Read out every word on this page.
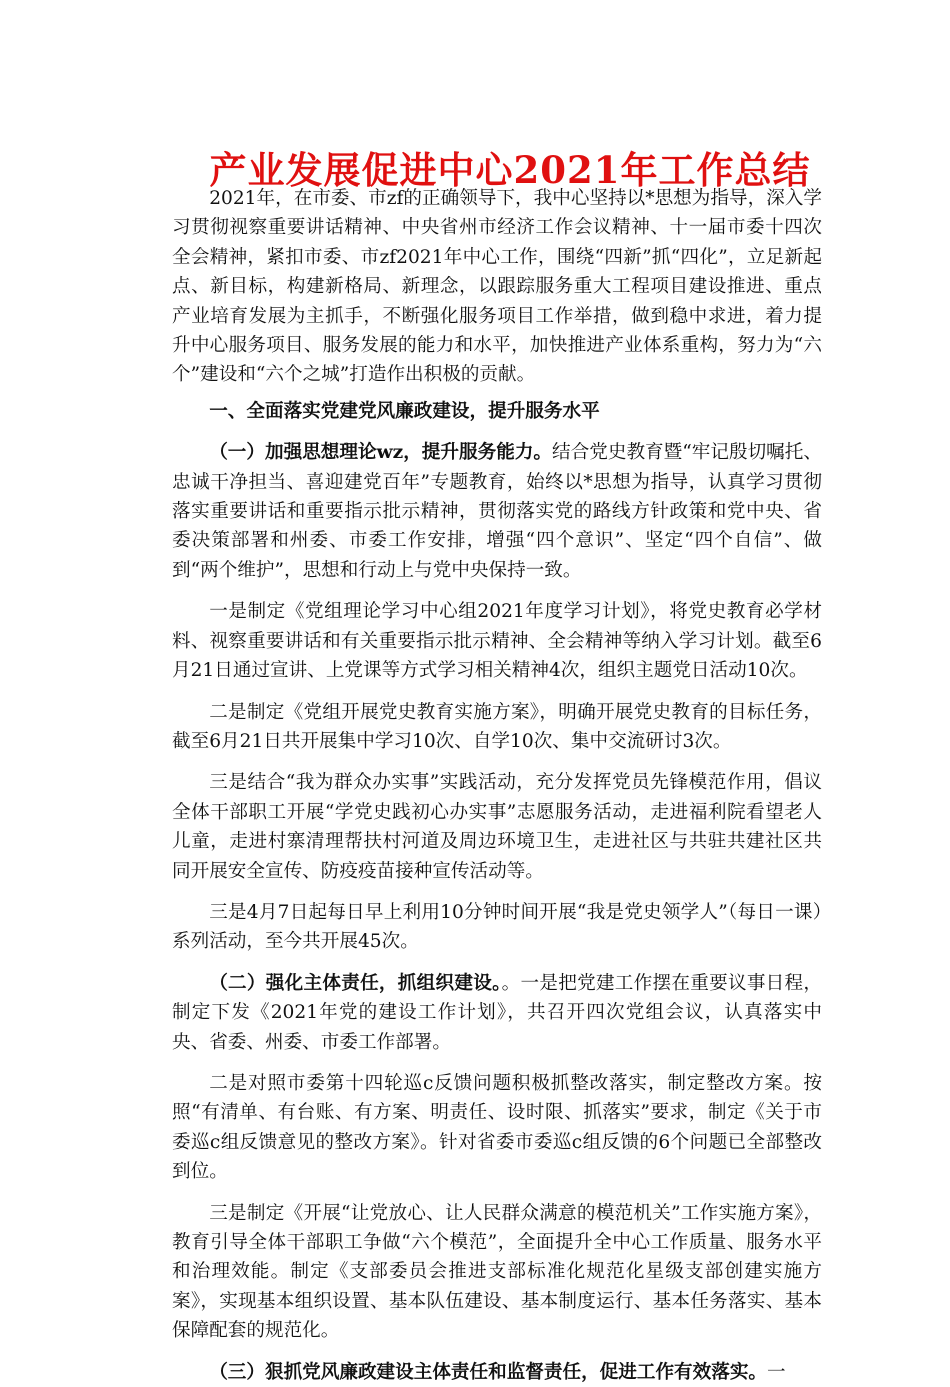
产业发展促进中心2021年工作总结

2021年，在市委、市zf的正确领导下，我中心坚持以*思想为指导，深入学习贯彻视察重要讲话精神、中央省州市经济工作会议精神、十一届市委十四次全会精神，紧扣市委、市zf2021年中心工作，围绕“四新”抓“四化”，立足新起点、新目标，构建新格局、新理念，以跟踪服务重大工程项目建设推进、重点产业培育发展为主抓手，不断强化服务项目工作举措，做到稳中求进，着力提升中心服务项目、服务发展的能力和水平，加快推进产业体系重构，努力为“六个”建设和“六个之城”打造作出积极的贡献。

一、全面落实党建党风廉政建设，提升服务水平

（一）加强思想理论wz，提升服务能力。结合党史教育暨“牢记殷切嘱托、忠诚干净担当、喜迎建党百年”专题教育，始终以*思想为指导，认真学习贯彻落实重要讲话和重要指示批示精神，贯彻落实党的路线方针政策和党中央、省委决策部署和州委、市委工作安排，增强“四个意识”、坚定“四个自信”、做到“两个维护”，思想和行动上与党中央保持一致。

一是制定《党组理论学习中心组2021年度学习计划》，将党史教育必学材料、视察重要讲话和有关重要指示批示精神、全会精神等纳入学习计划。截至6月21日通过宣讲、上党课等方式学习相关精神4次，组织主题党日活动10次。

二是制定《党组开展党史教育实施方案》，明确开展党史教育的目标任务，截至6月21日共开展集中学习10次、自学10次、集中交流研讨3次。

三是结合“我为群众办实事”实践活动，充分发挥党员先锋模范作用，倡议全体干部职工开展“学党史践初心办实事”志愿服务活动，走进福利院看望老人儿童，走进村寨清理帮扶村河道及周边环境卫生，走进社区与共驻共建社区共同开展安全宣传、防疫疫苗接种宣传活动等。

三是4月7日起每日早上利用10分钟时间开展“我是党史领学人”（每日一课）系列活动，至今共开展45次。

（二）强化主体责任，抓组织建设。。一是把党建工作摆在重要议事日程，制定下发《2021年党的建设工作计划》，共召开四次党组会议，认真落实中央、省委、州委、市委工作部署。

二是对照市委第十四轮巡c反馈问题积极抓整改落实，制定整改方案。按照“有清单、有台账、有方案、明责任、设时限、抓落实”要求，制定《关于市委巡c组反馈意见的整改方案》。针对省委市委巡c组反馈的6个问题已全部整改到位。

三是制定《开展“让党放心、让人民群众满意的模范机关”工作实施方案》，教育引导全体干部职工争做“六个模范”，全面提升全中心工作质量、服务水平和治理效能。制定《支部委员会推进支部标准化规范化星级支部创建实施方案》，实现基本组织设置、基本队伍建设、基本制度运行、基本任务落实、基本保障配套的规范化。

（三）狠抓党风廉政建设主体责任和监督责任，促进工作有效落实。一
